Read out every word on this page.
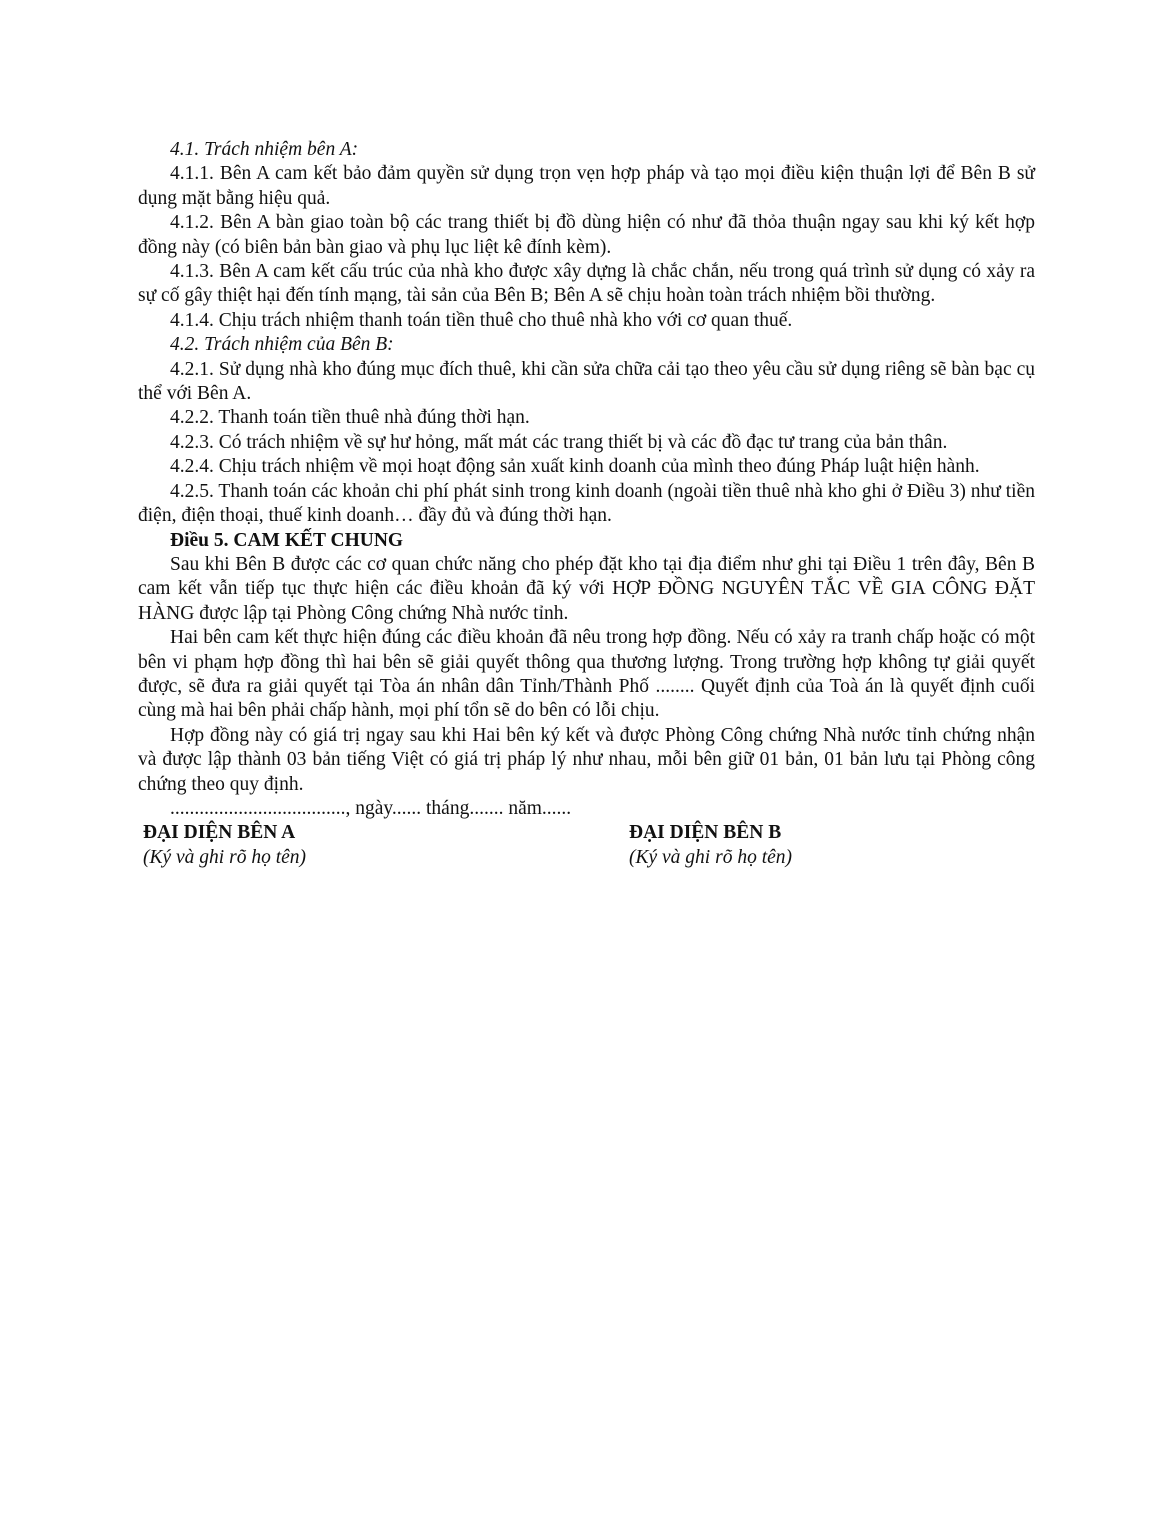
4.1. Trách nhiệm bên A:

4.1.1. Bên A cam kết bảo đảm quyền sử dụng trọn vẹn hợp pháp và tạo mọi điều kiện thuận lợi để Bên B sử dụng mặt bằng hiệu quả.

4.1.2. Bên A bàn giao toàn bộ các trang thiết bị đồ dùng hiện có như đã thỏa thuận ngay sau khi ký kết hợp đồng này (có biên bản bàn giao và phụ lục liệt kê đính kèm).

4.1.3. Bên A cam kết cấu trúc của nhà kho được xây dựng là chắc chắn, nếu trong quá trình sử dụng có xảy ra sự cố gây thiệt hại đến tính mạng, tài sản của Bên B; Bên A sẽ chịu hoàn toàn trách nhiệm bồi thường.

4.1.4. Chịu trách nhiệm thanh toán tiền thuê cho thuê nhà kho với cơ quan thuế.

4.2. Trách nhiệm của Bên B:

4.2.1. Sử dụng nhà kho đúng mục đích thuê, khi cần sửa chữa cải tạo theo yêu cầu sử dụng riêng sẽ bàn bạc cụ thể với Bên A.

4.2.2. Thanh toán tiền thuê nhà đúng thời hạn.

4.2.3. Có trách nhiệm về sự hư hỏng, mất mát các trang thiết bị và các đồ đạc tư trang của bản thân.

4.2.4. Chịu trách nhiệm về mọi hoạt động sản xuất kinh doanh của mình theo đúng Pháp luật hiện hành.

4.2.5. Thanh toán các khoản chi phí phát sinh trong kinh doanh (ngoài tiền thuê nhà kho ghi ở Điều 3) như tiền điện, điện thoại, thuế kinh doanh… đầy đủ và đúng thời hạn.

Điều 5. CAM KẾT CHUNG

Sau khi Bên B được các cơ quan chức năng cho phép đặt kho tại địa điểm như ghi tại Điều 1 trên đây, Bên B cam kết vẫn tiếp tục thực hiện các điều khoản đã ký với HỢP ĐỒNG NGUYÊN TẮC VỀ GIA CÔNG ĐẶT HÀNG được lập tại Phòng Công chứng Nhà nước tỉnh.

Hai bên cam kết thực hiện đúng các điều khoản đã nêu trong hợp đồng. Nếu có xảy ra tranh chấp hoặc có một bên vi phạm hợp đồng thì hai bên sẽ giải quyết thông qua thương lượng. Trong trường hợp không tự giải quyết được, sẽ đưa ra giải quyết tại Tòa án nhân dân Tỉnh/Thành Phố ........ Quyết định của Toà án là quyết định cuối cùng mà hai bên phải chấp hành, mọi phí tổn sẽ do bên có lỗi chịu.

Hợp đồng này có giá trị ngay sau khi Hai bên ký kết và được Phòng Công chứng Nhà nước tỉnh chứng nhận và được lập thành 03 bản tiếng Việt có giá trị pháp lý như nhau, mỗi bên giữ 01 bản, 01 bản lưu tại Phòng công chứng theo quy định.

...................................., ngày...... tháng....... năm......

ĐẠI DIỆN BÊN A
(Ký và ghi rõ họ tên)
ĐẠI DIỆN BÊN B
(Ký và ghi rõ họ tên)
